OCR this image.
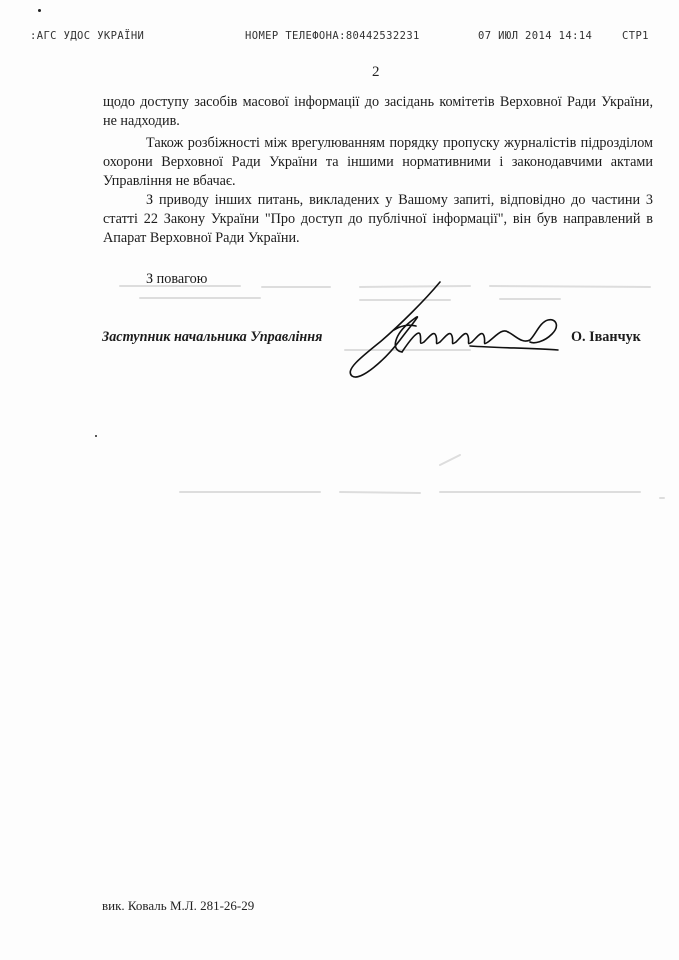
:АГС УДОС УКРАЇНИ	НОМЕР ТЕЛЕФОНА:80442532231	07 ИЮЛ 2014 14:14	СТР1
2

щодо доступу засобів масової інформації до засідань комітетів Верховної Ради України, не надходив.

Також розбіжності між врегулюванням порядку пропуску журналістів підрозділом охорони Верховної Ради України та іншими нормативними і законодавчими актами Управління не вбачає.

З приводу інших питань, викладених у Вашому запиті, відповідно до частини 3 статті 22 Закону України "Про доступ до публічної інформації", він був направлений в Апарат Верховної Ради України.

З повагою
Заступник начальника Управління	О. Іванчук
вик. Коваль М.Л. 281-26-29
